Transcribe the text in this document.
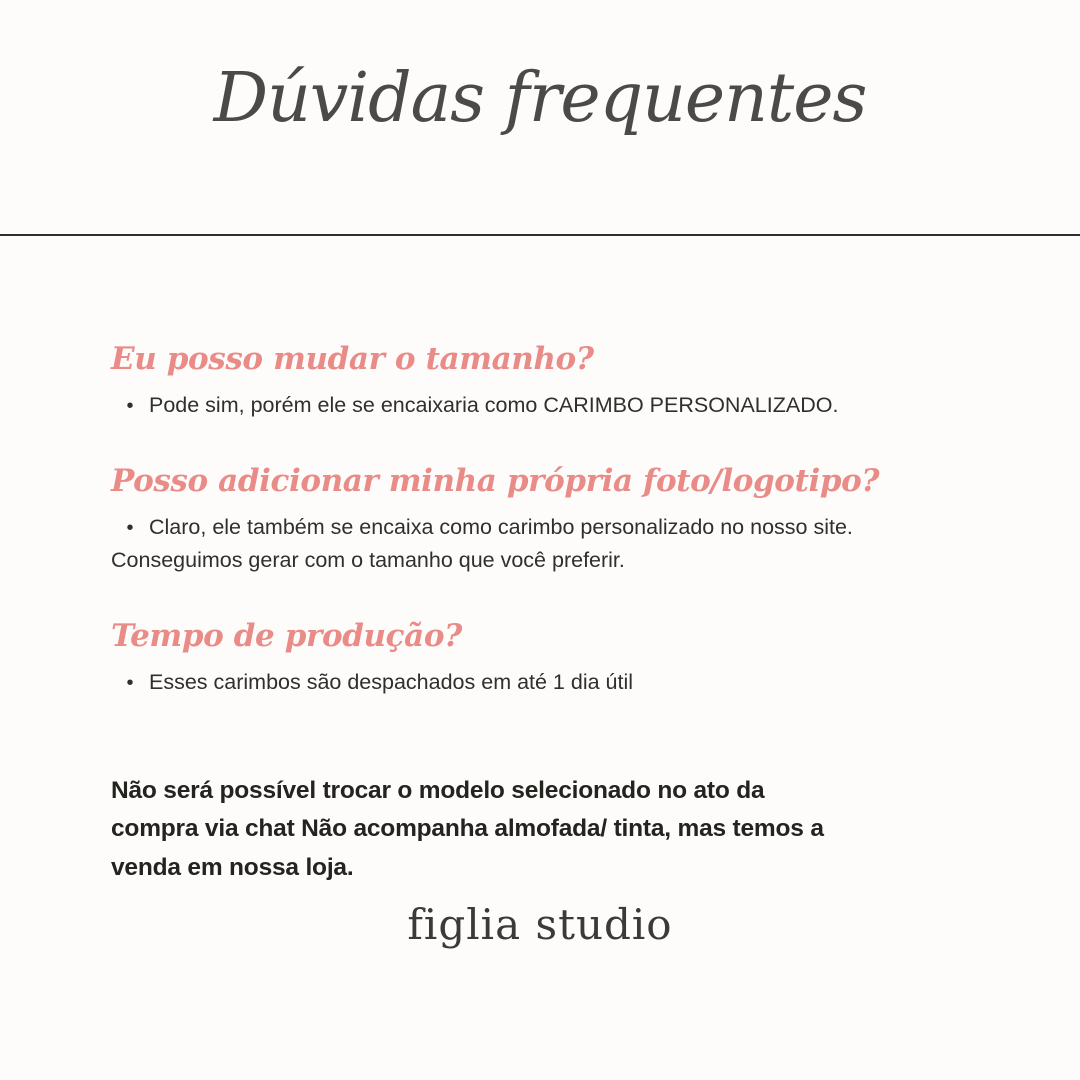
Dúvidas frequentes

Eu posso mudar o tamanho?

• Pode sim, porém ele se encaixaria como CARIMBO PERSONALIZADO.

Posso adicionar minha própria foto/logotipo?

• Claro, ele também se encaixa como carimbo personalizado no nosso site. Conseguimos gerar com o tamanho que você preferir.

Tempo de produção?

• Esses carimbos são despachados em até 1 dia útil

Não será possível trocar o modelo selecionado no ato da compra via chat Não acompanha almofada/ tinta, mas temos a venda em nossa loja.
figlia studio
